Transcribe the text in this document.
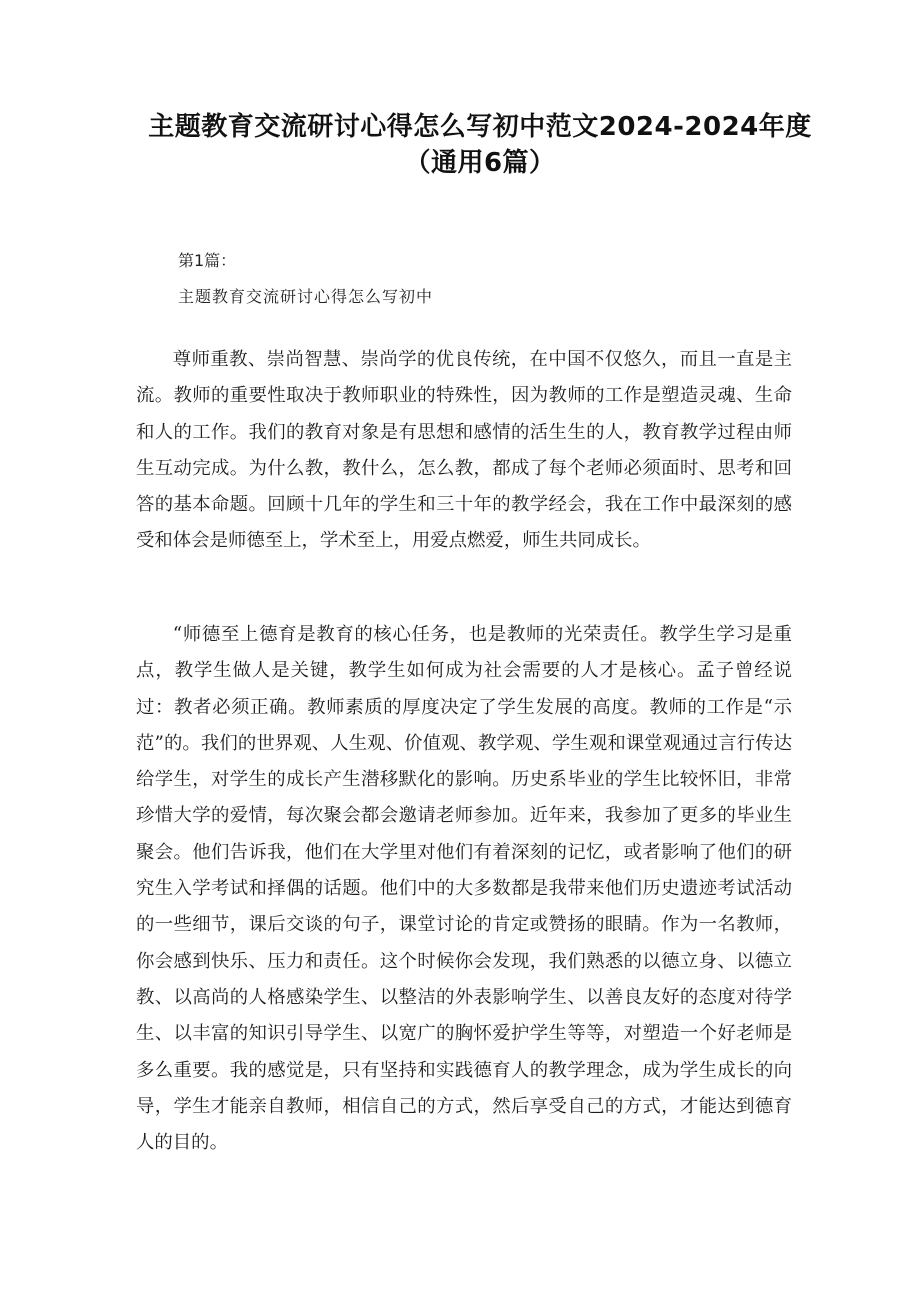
主题教育交流研讨心得怎么写初中范文2024-2024年度
（通用6篇）
第1篇：
主题教育交流研讨心得怎么写初中

尊师重教、崇尚智慧、崇尚学的优良传统，在中国不仅悠久，而且一直是主流。教师的重要性取决于教师职业的特殊性，因为教师的工作是塑造灵魂、生命和人的工作。我们的教育对象是有思想和感情的活生生的人，教育教学过程由师生互动完成。为什么教，教什么，怎么教，都成了每个老师必须面时、思考和回答的基本命题。回顾十几年的学生和三十年的教学经会，我在工作中最深刻的感受和体会是师德至上，学术至上，用爱点燃爱，师生共同成长。

“师德至上德育是教育的核心任务，也是教师的光荣责任。教学生学习是重点，教学生做人是关键，教学生如何成为社会需要的人才是核心。孟子曾经说过：教者必须正确。教师素质的厚度决定了学生发展的高度。教师的工作是“示范”的。我们的世界观、人生观、价值观、教学观、学生观和课堂观通过言行传达给学生，对学生的成长产生潜移默化的影响。历史系毕业的学生比较怀旧，非常珍惜大学的爱情，每次聚会都会邀请老师参加。近年来，我参加了更多的毕业生聚会。他们告诉我，他们在大学里对他们有着深刻的记忆，或者影响了他们的研究生入学考试和择偶的话题。他们中的大多数都是我带来他们历史遗迹考试活动的一些细节，课后交谈的句子，课堂讨论的肯定或赞扬的眼睛。作为一名教师，你会感到快乐、压力和责任。这个时候你会发现，我们熟悉的以德立身、以德立教、以高尚的人格感染学生、以整洁的外表影响学生、以善良友好的态度对待学生、以丰富的知识引导学生、以宽广的胸怀爱护学生等等，对塑造一个好老师是多么重要。我的感觉是，只有坚持和实践德育人的教学理念，成为学生成长的向导，学生才能亲自教师，相信自己的方式，然后享受自己的方式，才能达到德育人的目的。
